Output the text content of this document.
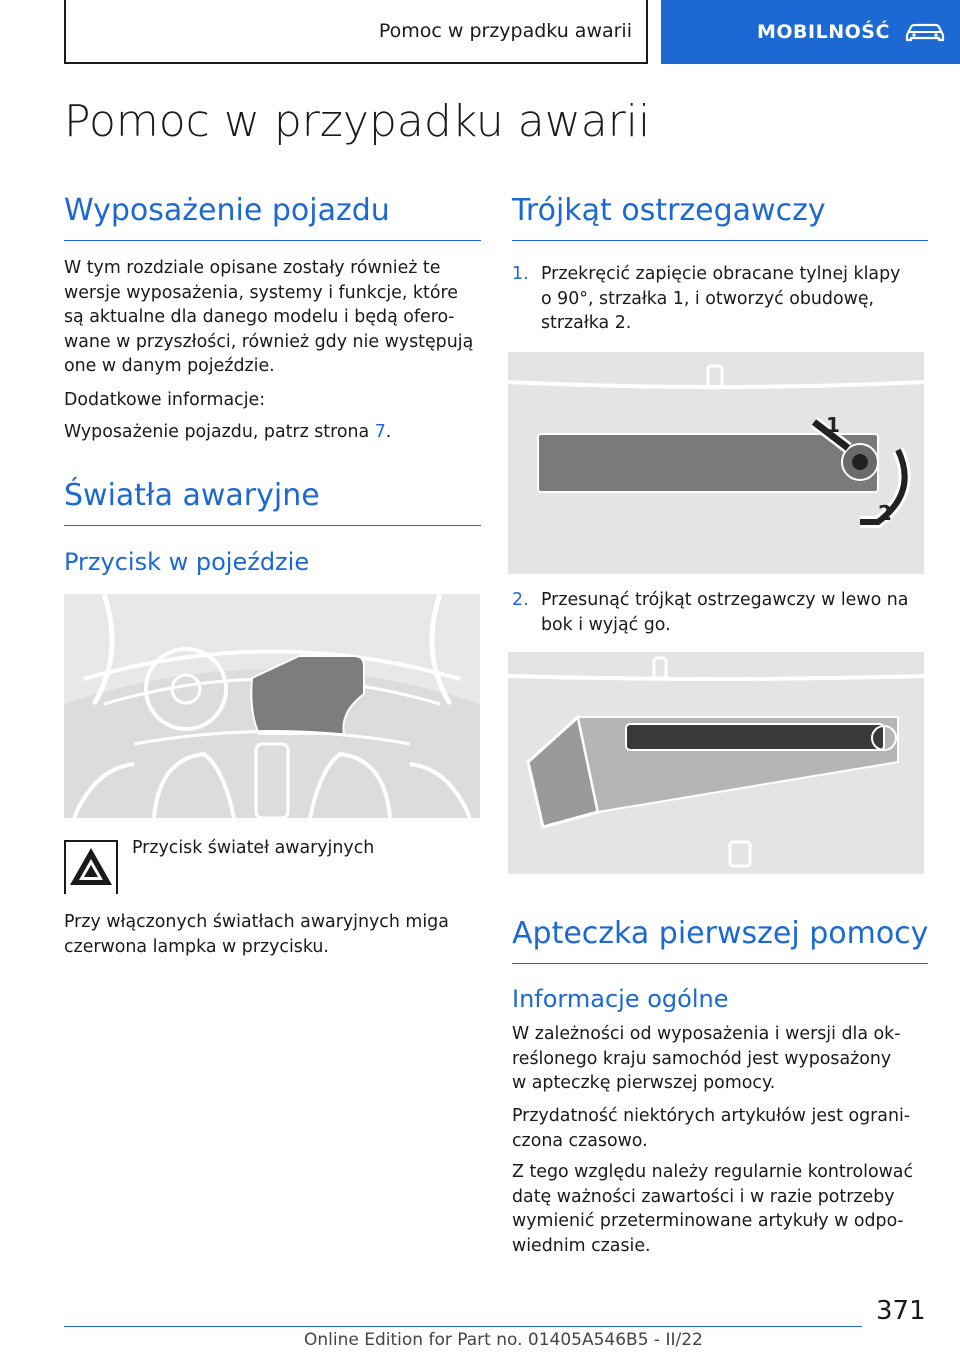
Pomoc w przypadku awarii	MOBILNOŚĆ
Pomoc w przypadku awarii
Wyposażenie pojazdu
W tym rozdziale opisane zostały również te
wersje wyposażenia, systemy i funkcje, które
są aktualne dla danego modelu i będą ofero‐
wane w przyszłości, również gdy nie występują
one w danym pojeździe.
Dodatkowe informacje:
Wyposażenie pojazdu, patrz strona 7.
Światła awaryjne
Przycisk w pojeździe
Przycisk świateł awaryjnych
Przy włączonych światłach awaryjnych miga
czerwona lampka w przycisku.
Trójkąt ostrzegawczy
1. Przekręcić zapięcie obracane tylnej klapy
o 90°, strzałka 1, i otworzyć obudowę,
strzałka 2.
1
2
2. Przesunąć trójkąt ostrzegawczy w lewo na
bok i wyjąć go.
Apteczka pierwszej pomocy
Informacje ogólne
W zależności od wyposażenia i wersji dla ok‐
reślonego kraju samochód jest wyposażony
w apteczkę pierwszej pomocy.
Przydatność niektórych artykułów jest ograni‐
czona czasowo.
Z tego względu należy regularnie kontrolować
datę ważności zawartości i w razie potrzeby
wymienić przeterminowane artykuły w odpo‐
wiednim czasie.
371
Online Edition for Part no. 01405A546B5 - II/22
